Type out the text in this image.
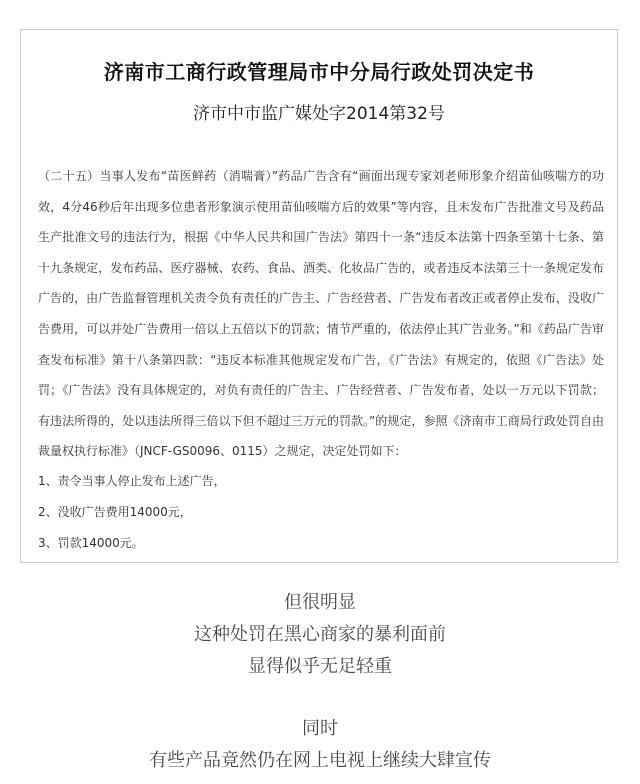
济南市工商行政管理局市中分局行政处罚决定书
济市中市监广媒处字2014第32号
（二十五）当事人发布“苗医鲜药（消喘膏）”药品广告含有“画面出现专家刘老师形象介绍苗仙咳喘方的功效，4分46秒后年出现多位患者形象演示使用苗仙咳喘方后的效果”等内容，且未发布广告批准文号及药品生产批准文号的违法行为，根据《中华人民共和国广告法》第四十一条“违反本法第十四条至第十七条、第十九条规定，发布药品、医疗器械、农药、食品、酒类、化妆品广告的，或者违反本法第三十一条规定发布广告的，由广告监督管理机关责令负有责任的广告主、广告经营者、广告发布者改正或者停止发布，没收广告费用，可以并处广告费用一倍以上五倍以下的罚款；情节严重的，依法停止其广告业务。”和《药品广告审查发布标准》第十八条第四款：“违反本标准其他规定发布广告，《广告法》有规定的，依照《广告法》处罚；《广告法》没有具体规定的，对负有责任的广告主、广告经营者、广告发布者，处以一万元以下罚款；有违法所得的，处以违法所得三倍以下但不超过三万元的罚款。”的规定，参照《济南市工商局行政处罚自由裁量权执行标准》（JNCF-GS0096、0115）之规定，决定处罚如下：
1、责令当事人停止发布上述广告，
2、没收广告费用14000元，
3、罚款14000元。
但很明显
这种处罚在黑心商家的暴利面前
显得似乎无足轻重
同时
有些产品竟然仍在网上电视上继续大肆宣传
